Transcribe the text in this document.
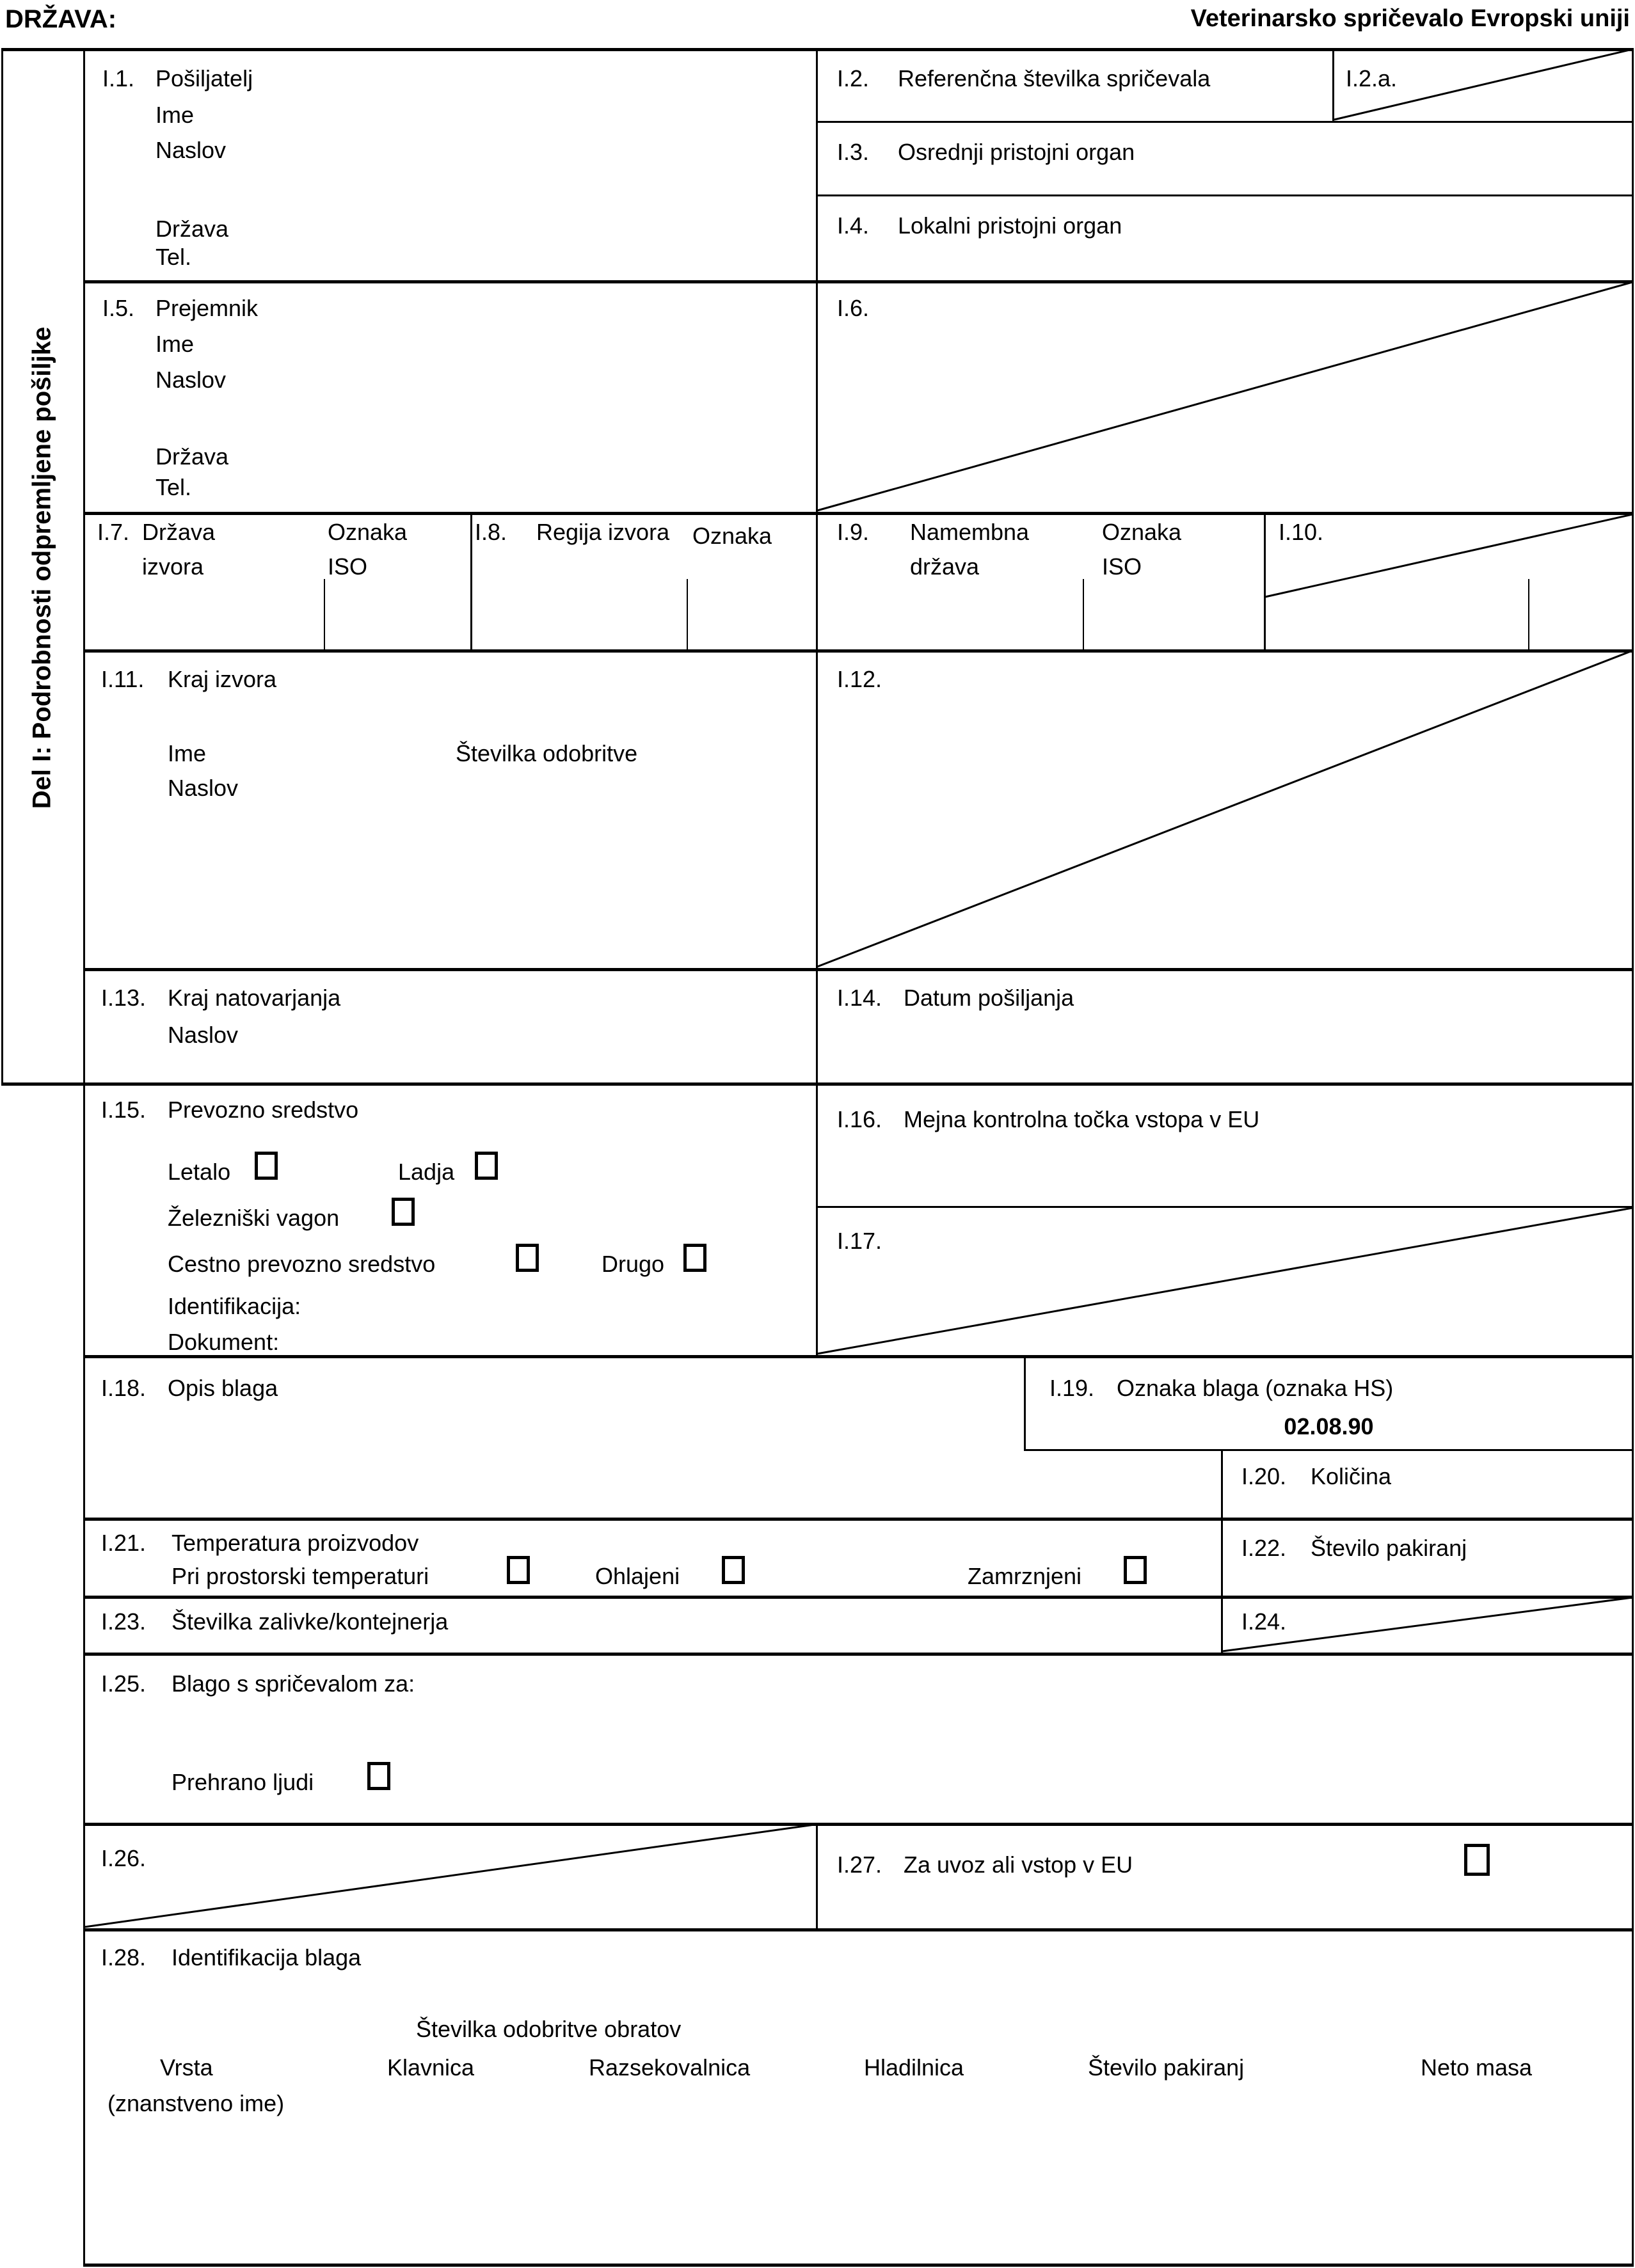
DRŽAVA:	Veterinarsko spričevalo Evropski uniji
Del I: Podrobnosti odpremljene pošiljke
I.1. Pošiljatelj
Ime
Naslov
Država
Tel.
I.2. Referenčna številka spričevala	I.2.a.
I.3. Osrednji pristojni organ
I.4. Lokalni pristojni organ
I.5. Prejemnik
Ime
Naslov
Država
Tel.
I.6.
I.7. Država
izvora
Oznaka
ISO
I.8. Regija izvora Oznaka	I.9. Namembna
država
Oznaka
ISO
I.10.
I.11. Kraj izvora
Ime	Številka odobritve
Naslov
I.12.
I.13. Kraj natovarjanja
Naslov
I.14. Datum pošiljanja
I.15. Prevozno sredstvo
Letalo	Ladja
Železniški vagon
Cestno prevozno sredstvo	Drugo
Identifikacija:
Dokument:
I.16. Mejna kontrolna točka vstopa v EU
I.17.
I.18. Opis blaga	I.19. Oznaka blaga (oznaka HS)
02.08.90
I.20. Količina
I.21. Temperatura proizvodov
Pri prostorski temperaturi	Ohlajeni	Zamrznjeni
I.22. Število pakiranj
I.23. Številka zalivke/kontejnerja	I.24.
I.25. Blago s spričevalom za:
Prehrano ljudi
I.26.	I.27. Za uvoz ali vstop v EU
I.28. Identifikacija blaga
Številka odobritve obratov
Vrsta	Klavnica	Razsekovalnica	Hladilnica	Število pakiranj	Neto masa
(znanstveno ime)
